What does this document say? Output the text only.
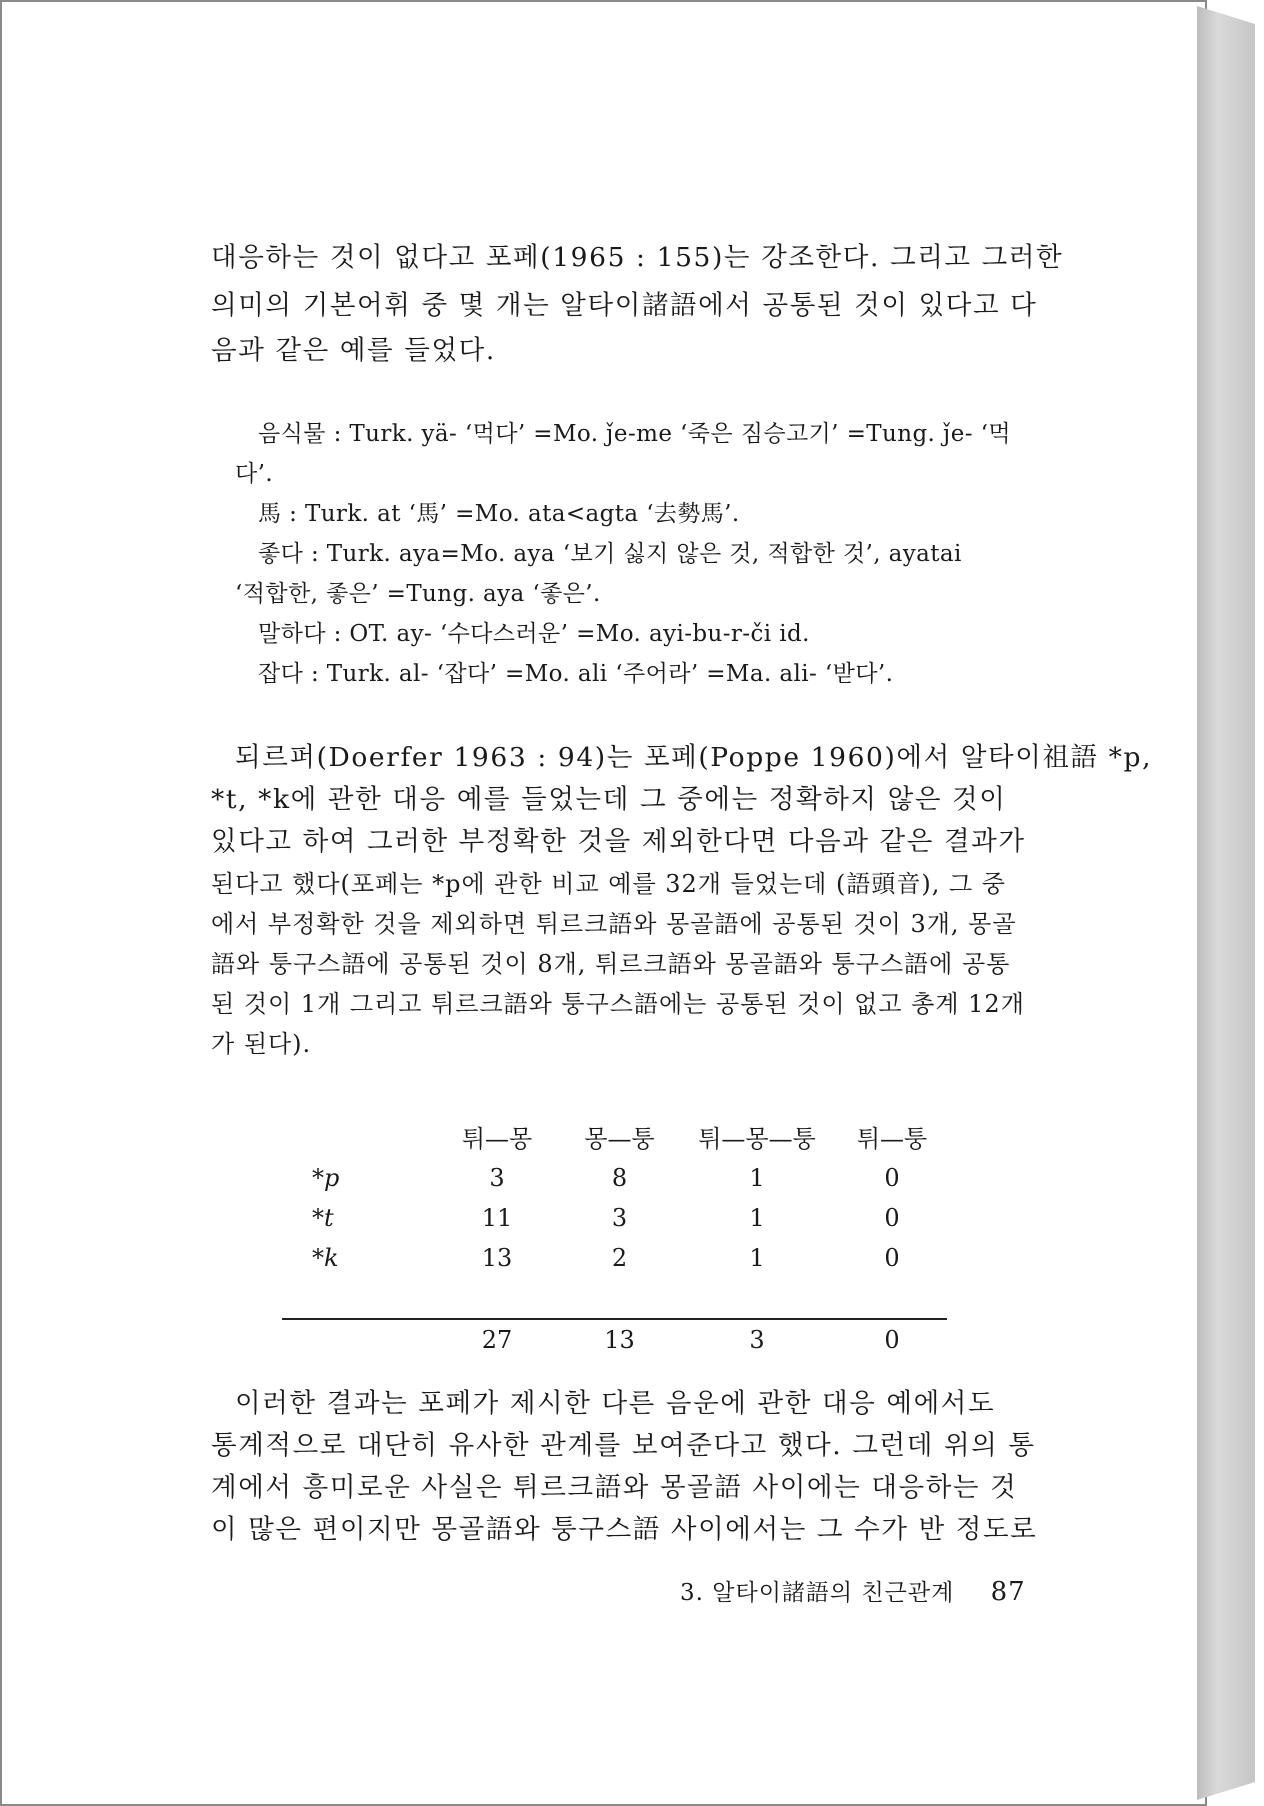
대응하는 것이 없다고 포페(1965 : 155)는 강조한다. 그리고 그러한
의미의 기본어휘 중 몇 개는 알타이諸語에서 공통된 것이 있다고 다
음과 같은 예를 들었다.
음식물 : Turk. yä- ‘먹다’ =Mo. ǰe-me ‘죽은 짐승고기’ =Tung. ǰe- ‘먹
다’.
馬 : Turk. at ‘馬’ =Mo. ata<agta ‘去勢馬’.
좋다 : Turk. aya=Mo. aya ‘보기 싫지 않은 것, 적합한 것’, ayatai
‘적합한, 좋은’ =Tung. aya ‘좋은’.
말하다 : OT. ay- ‘수다스러운’ =Mo. ayi-bu-r-či id.
잡다 : Turk. al- ‘잡다’ =Mo. ali ‘주어라’ =Ma. ali- ‘받다’.
되르퍼(Doerfer 1963 : 94)는 포페(Poppe 1960)에서 알타이祖語 *p,
*t, *k에 관한 대응 예를 들었는데 그 중에는 정확하지 않은 것이
있다고 하여 그러한 부정확한 것을 제외한다면 다음과 같은 결과가
된다고 했다(포페는 *p에 관한 비교 예를 32개 들었는데 (語頭音), 그 중
에서 부정확한 것을 제외하면 튀르크語와 몽골語에 공통된 것이 3개, 몽골
語와 퉁구스語에 공통된 것이 8개, 튀르크語와 몽골語와 퉁구스語에 공통
된 것이 1개 그리고 튀르크語와 퉁구스語에는 공통된 것이 없고 총계 12개
가 된다).
	튀—몽	몽—퉁	튀—몽—퉁	튀—퉁
*p	3	8	1	0
*t	11	3	1	0
*k	13	2	1	0

	27	13	3	0
이러한 결과는 포페가 제시한 다른 음운에 관한 대응 예에서도
통계적으로 대단히 유사한 관계를 보여준다고 했다. 그런데 위의 통
계에서 흥미로운 사실은 튀르크語와 몽골語 사이에는 대응하는 것
이 많은 편이지만 몽골語와 퉁구스語 사이에서는 그 수가 반 정도로
3. 알타이諸語의 친근관계 87
